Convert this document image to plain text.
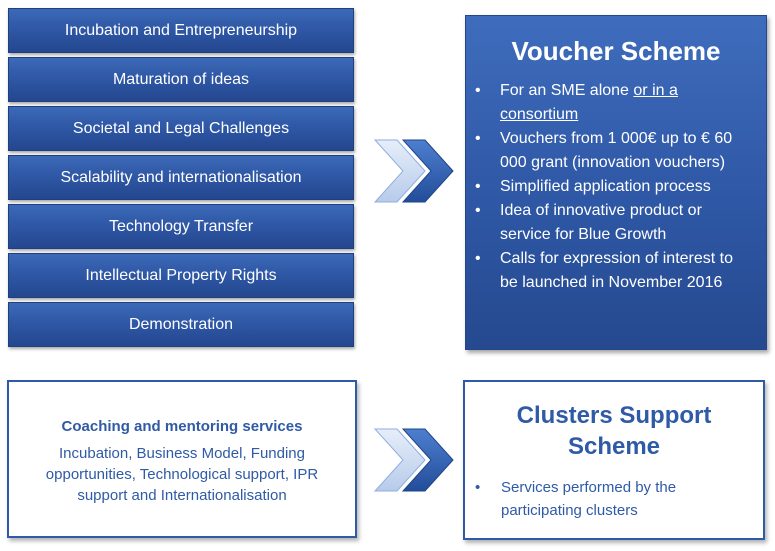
Incubation and Entrepreneurship
Maturation of ideas
Societal and Legal Challenges
Scalability and internationalisation
Technology Transfer
Intellectual Property Rights
Demonstration
Voucher Scheme
• For an SME alone or in a consortium
• Vouchers from 1 000€ up to € 60 000 grant (innovation vouchers)
• Simplified application process
• Idea of innovative product or service for Blue Growth
• Calls for expression of interest to be launched in November 2016
Coaching and mentoring services
Incubation, Business Model, Funding opportunities, Technological support, IPR support and Internationalisation
Clusters Support Scheme
• Services performed by the participating clusters
